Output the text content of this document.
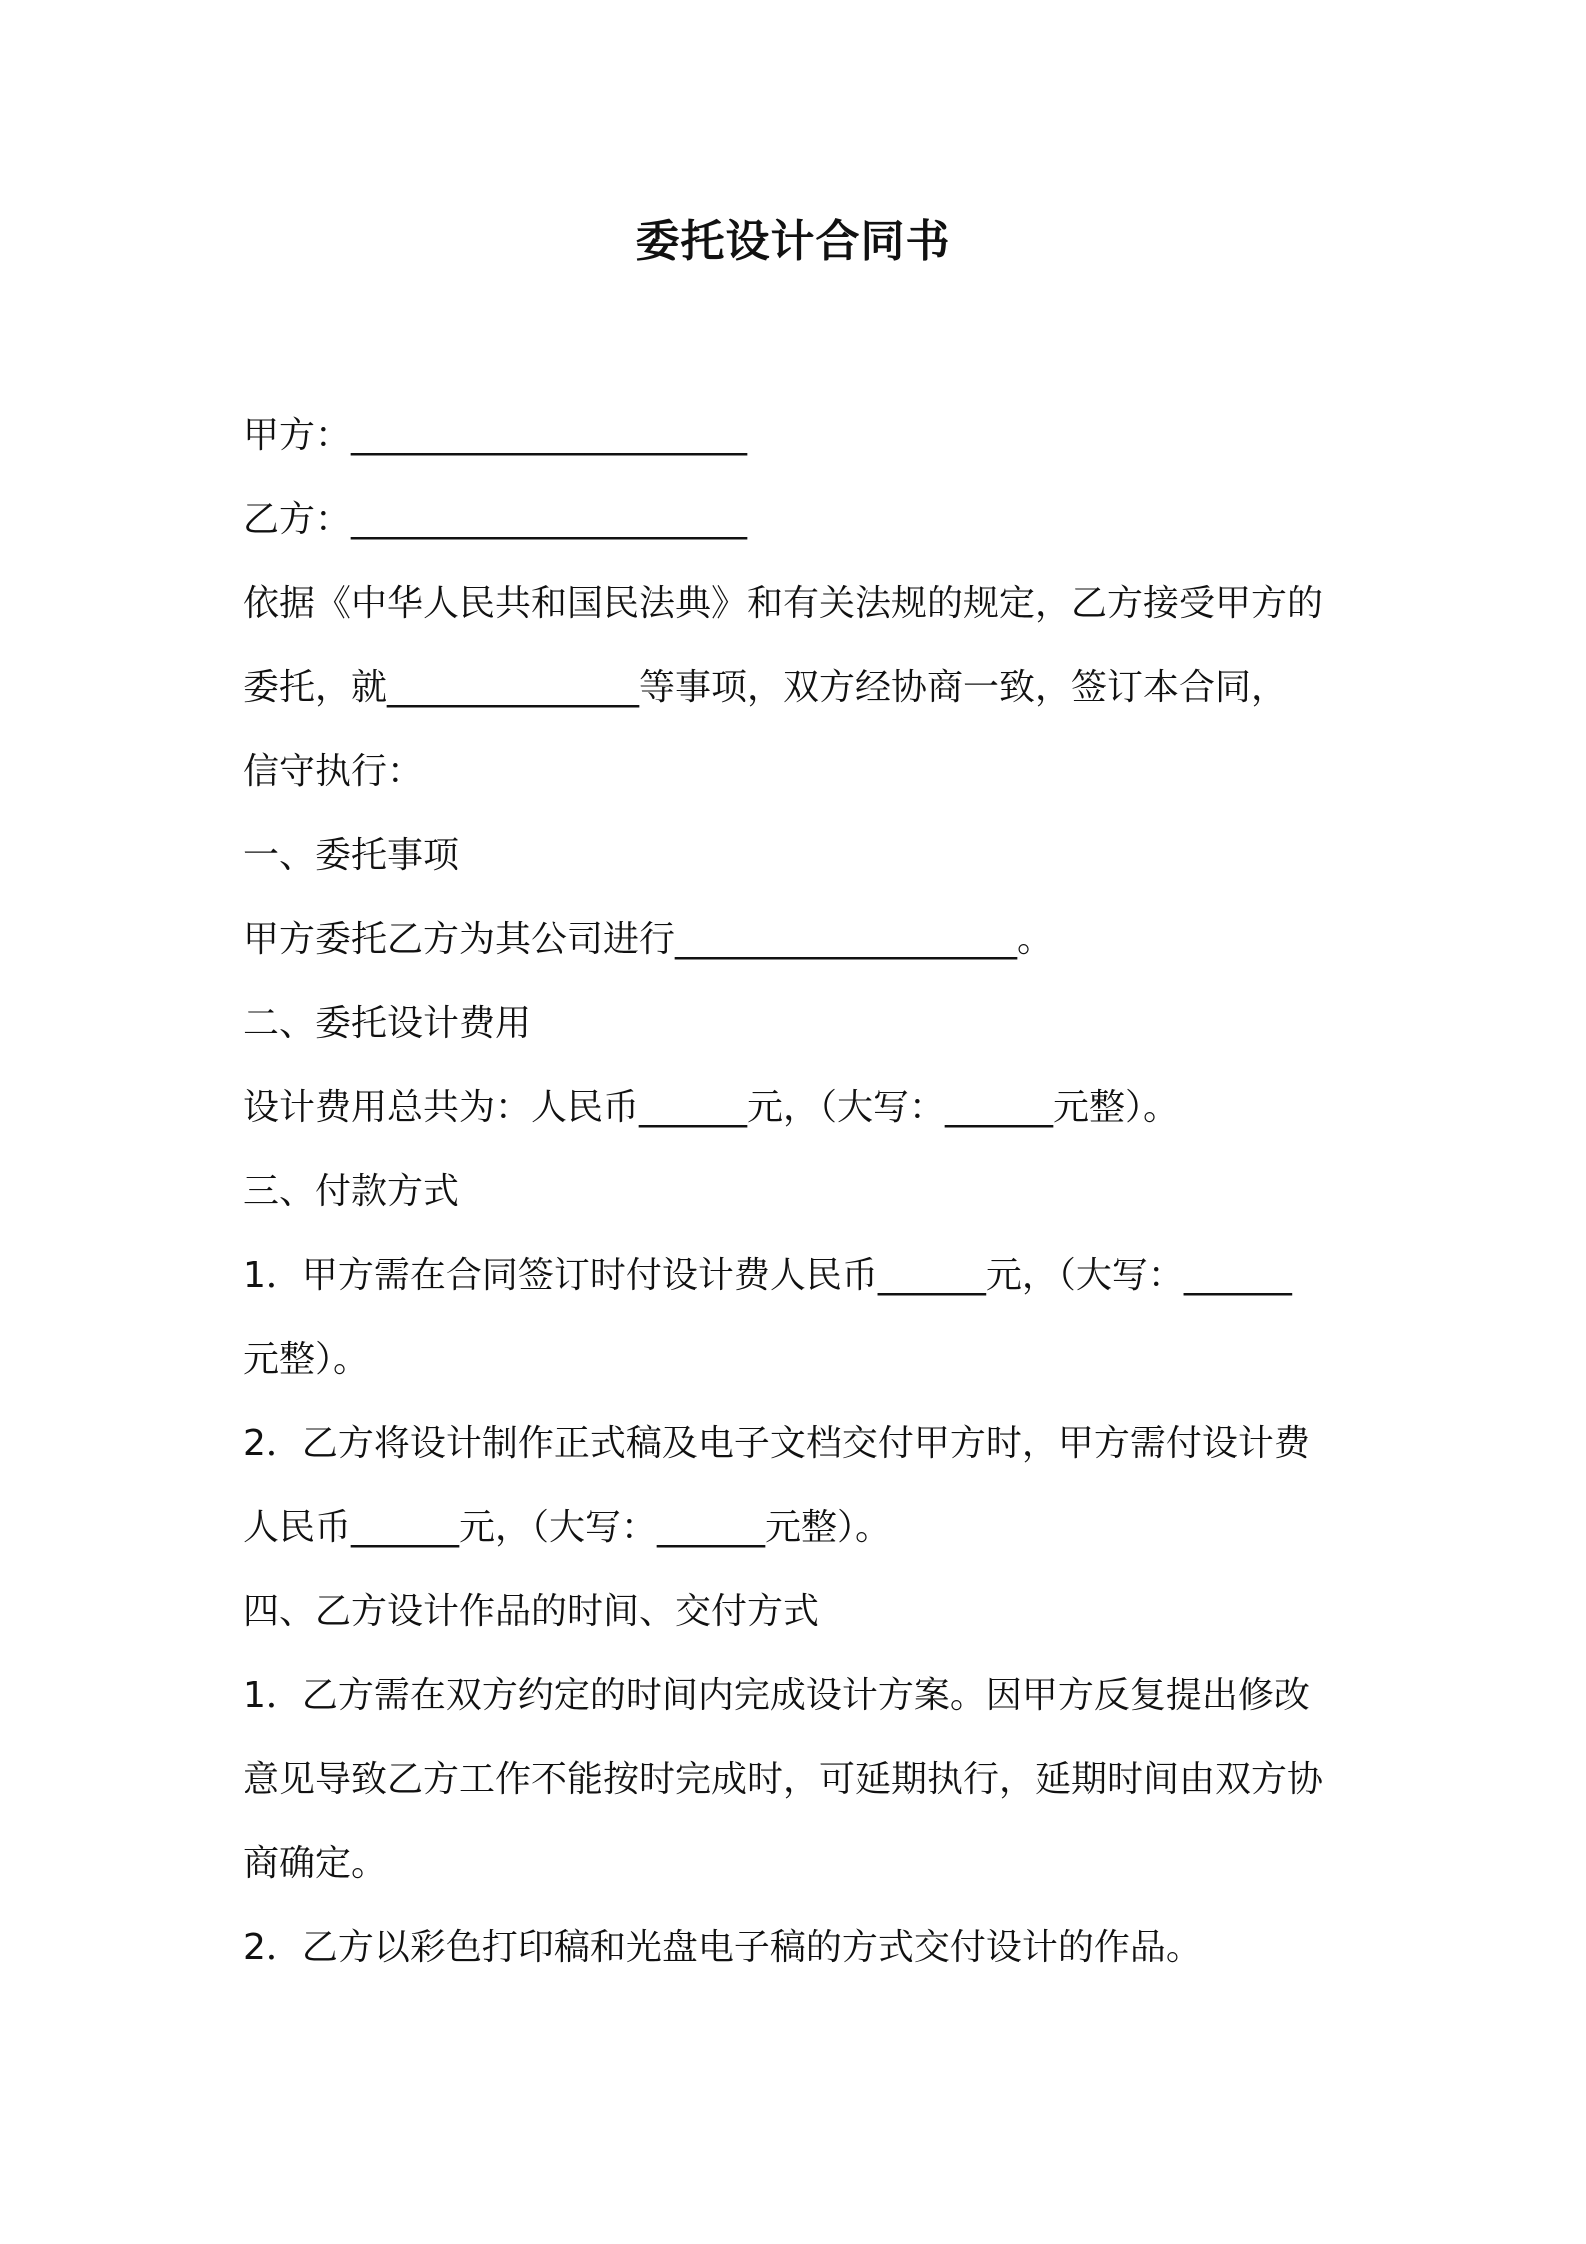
委托设计合同书
甲方：______________________
乙方：______________________
依据《中华人民共和国民法典》和有关法规的规定，乙方接受甲方的
委托，就______________等事项，双方经协商一致，签订本合同，
信守执行：
一、委托事项
甲方委托乙方为其公司进行___________________。
二、委托设计费用
设计费用总共为：人民币______元，（大写：______元整）。
三、付款方式
1．甲方需在合同签订时付设计费人民币______元，（大写：______
元整）。
2．乙方将设计制作正式稿及电子文档交付甲方时，甲方需付设计费
人民币______元，（大写：______元整）。
四、乙方设计作品的时间、交付方式
1．乙方需在双方约定的时间内完成设计方案。因甲方反复提出修改
意见导致乙方工作不能按时完成时，可延期执行，延期时间由双方协
商确定。
2．乙方以彩色打印稿和光盘电子稿的方式交付设计的作品。
